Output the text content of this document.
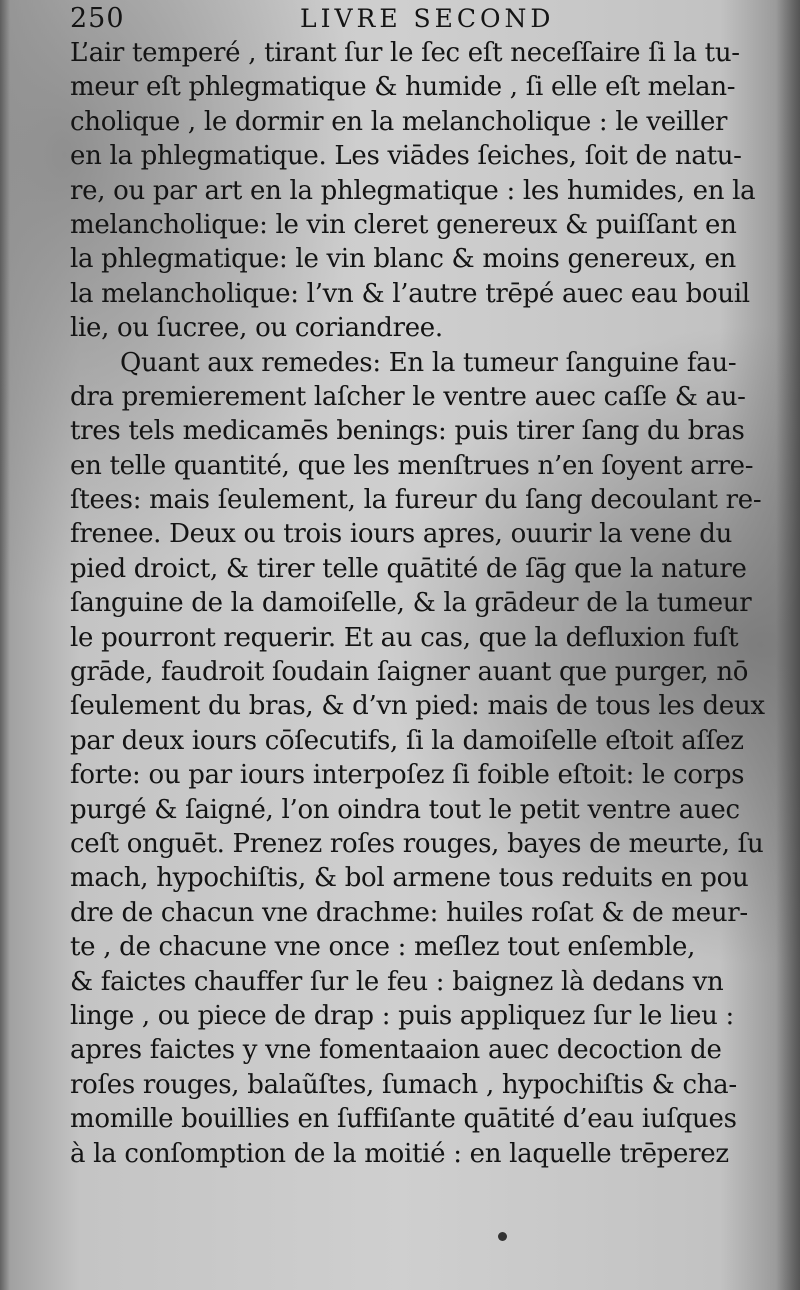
250	LIVRE SECOND
L’air temperé , tirant ſur le ſec eſt neceſſaire ſi la tu-
meur eſt phlegmatique & humide , ſi elle eſt melan-
cholique , le dormir en la melancholique : le veiller
en la phlegmatique. Les viādes ſeiches, ſoit de natu-
re, ou par art en la phlegmatique : les humides, en la
melancholique: le vin cleret genereux & puiſſant en
la phlegmatique: le vin blanc & moins genereux, en
la melancholique: l’vn & l’autre trēpé auec eau bouil
lie, ou ſucree, ou coriandree.
Quant aux remedes: En la tumeur ſanguine fau-
dra premierement laſcher le ventre auec caſſe & au-
tres tels medicamēs benings: puis tirer ſang du bras
en telle quantité, que les menſtrues n’en ſoyent arre-
ſtees: mais ſeulement, la fureur du ſang decoulant re-
frenee. Deux ou trois iours apres, ouurir la vene du
pied droict, & tirer telle quātité de ſāg que la nature
ſanguine de la damoiſelle, & la grādeur de la tumeur
le pourront requerir. Et au cas, que la defluxion fuſt
grāde, faudroit ſoudain ſaigner auant que purger, nō
ſeulement du bras, & d’vn pied: mais de tous les deux
par deux iours cōſecutifs, ſi la damoiſelle eſtoit aſſez
forte: ou par iours interpoſez ſi foible eſtoit: le corps
purgé & ſaigné, l’on oindra tout le petit ventre auec
ceſt onguēt. Prenez roſes rouges, bayes de meurte, ſu
mach, hypochiſtis, & bol armene tous reduits en pou
dre de chacun vne drachme: huiles roſat & de meur-
te , de chacune vne once : meſlez tout enſemble,
& faictes chauffer ſur le feu : baignez là dedans vn
linge , ou piece de drap : puis appliquez ſur le lieu :
apres faictes y vne fomentaaion auec decoction de
roſes rouges, balaũſtes, ſumach , hypochiſtis & cha-
momille bouillies en ſuffiſante quātité d’eau iuſques
à la conſomption de la moitié : en laquelle trēperez
